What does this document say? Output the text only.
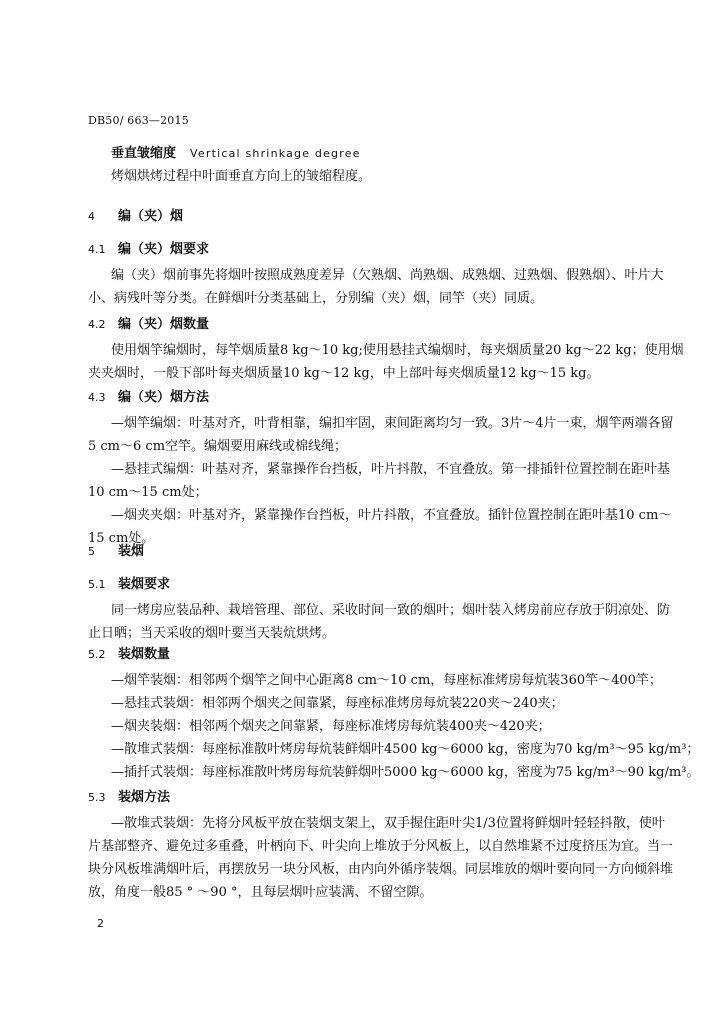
DB50/ 663—2015
垂直皱缩度 Vertical shrinkage degree
烤烟烘烤过程中叶面垂直方向上的皱缩程度。
4 编（夹）烟
4.1 编（夹）烟要求
编（夹）烟前事先将烟叶按照成熟度差异（欠熟烟、尚熟烟、成熟烟、过熟烟、假熟烟）、叶片大
小、病残叶等分类。在鲜烟叶分类基础上，分别编（夹）烟，同竿（夹）同质。
4.2 编（夹）烟数量
使用烟竿编烟时，每竿烟质量8 kg～10 kg;使用悬挂式编烟时，每夹烟质量20 kg～22 kg；使用烟
夹夹烟时，一般下部叶每夹烟质量10 kg～12 kg，中上部叶每夹烟质量12 kg～15 kg。
4.3 编（夹）烟方法
—烟竿编烟：叶基对齐，叶背相靠，编扣牢固，束间距离均匀一致。3片～4片一束，烟竿两端各留
5 cm～6 cm空竿。编烟要用麻线或棉线绳；
—悬挂式编烟：叶基对齐，紧靠操作台挡板，叶片抖散，不宜叠放。第一排插针位置控制在距叶基
10 cm～15 cm处；
—烟夹夹烟：叶基对齐，紧靠操作台挡板，叶片抖散，不宜叠放。插针位置控制在距叶基10 cm～
15 cm处。
5 装烟
5.1 装烟要求
同一烤房应装品种、栽培管理、部位、采收时间一致的烟叶；烟叶装入烤房前应存放于阴凉处、防
止日晒；当天采收的烟叶要当天装炕烘烤。
5.2 装烟数量
—烟竿装烟：相邻两个烟竿之间中心距离8 cm～10 cm，每座标准烤房每炕装360竿～400竿；
—悬挂式装烟：相邻两个烟夹之间靠紧，每座标准烤房每炕装220夹～240夹；
—烟夹装烟：相邻两个烟夹之间靠紧，每座标准烤房每炕装400夹～420夹；
—散堆式装烟：每座标准散叶烤房每炕装鲜烟叶4500 kg～6000 kg，密度为70 kg/m³～95 kg/m³；
—插扦式装烟：每座标准散叶烤房每炕装鲜烟叶5000 kg～6000 kg，密度为75 kg/m³～90 kg/m³。
5.3 装烟方法
—散堆式装烟：先将分风板平放在装烟支架上，双手握住距叶尖1/3位置将鲜烟叶轻轻抖散，使叶
片基部整齐、避免过多重叠，叶柄向下、叶尖向上堆放于分风板上，以自然堆紧不过度挤压为宜。当一
块分风板堆满烟叶后，再摆放另一块分风板，由内向外循序装烟。同层堆放的烟叶要向同一方向倾斜堆
放，角度一般85 ° ～90 °，且每层烟叶应装满、不留空隙。
2
